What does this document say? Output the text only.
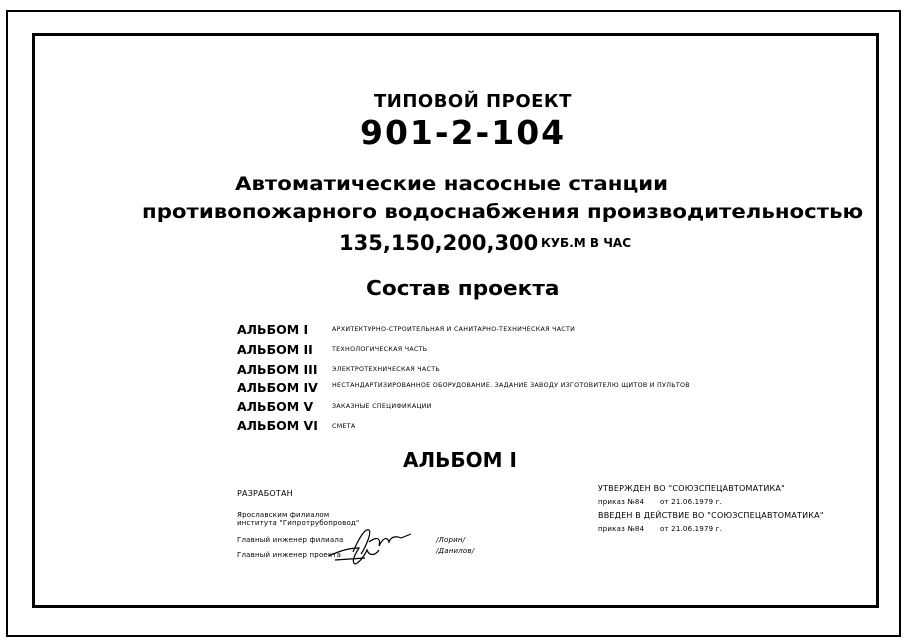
ТИПОВОЙ ПРОЕКТ
901-2-104
Автоматические насосные станции
противопожарного водоснабжения производительностью
135,150,200,300 КУБ.М В ЧАС
Состав проекта
АЛЬБОМ I	АРХИТЕКТУРНО-СТРОИТЕЛЬНАЯ И САНИТАРНО-ТЕХНИЧЕСКАЯ ЧАСТИ
АЛЬБОМ II	ТЕХНОЛОГИЧЕСКАЯ ЧАСТЬ
АЛЬБОМ III ЭЛЕКТРОТЕХНИЧЕСКАЯ ЧАСТЬ
АЛЬБОМ IV НЕСТАНДАРТИЗИРОВАННОЕ ОБОРУДОВАНИЕ. ЗАДАНИЕ ЗАВОДУ ИЗГОТОВИТЕЛЮ ЩИТОВ И ПУЛЬТОВ
АЛЬБОМ V	ЗАКАЗНЫЕ СПЕЦИФИКАЦИИ
АЛЬБОМ VI СМЕТА
АЛЬБОМ I
РАЗРАБОТАН
Ярославским филиалом
института "Гипротрубопровод"
Главный инженер филиала
Главный инженер проекта
/Лорин/
/Данилов/
УТВЕРЖДЕН ВО "СОЮЗСПЕЦАВТОМАТИКА"
приказ №84 от 21.06.1979 г.
ВВЕДЕН В ДЕЙСТВИЕ ВО "СОЮЗСПЕЦАВТОМАТИКА"
приказ №84 от 21.06.1979 г.
